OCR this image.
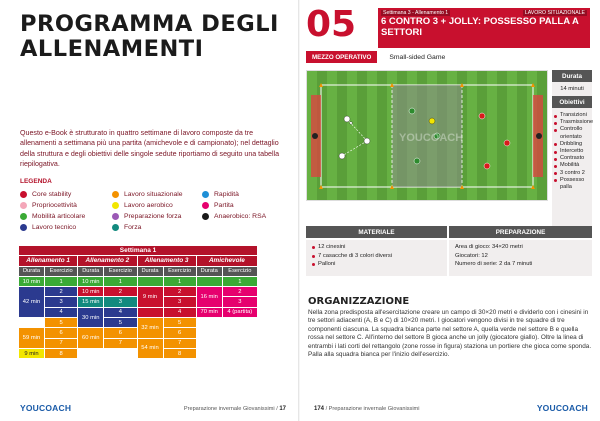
PROGRAMMA DEGLI ALLENAMENTI
Questo e-Book è strutturato in quattro settimane di lavoro composte da tre allenamenti a settimana più una partita (amichevole e di campionato); nel dettaglio della struttura e degli obiettivi delle singole sedute riportiamo di seguito una tabella riepilogativa.
LEGENDA
Core stability	Lavoro situazionale	Rapidità
Propriocettività	Lavoro aerobico	Partita
Mobilità articolare	Preparazione forza	Anaerobico: RSA
Lavoro tecnico	Forza
Settimana 1							
Allenamento 1		Allenamento 2		Allenamento 3		Amichevole	
Durata	Esercizio	Durata	Esercizio	Durata	Esercizio	Durata	Esercizio
10 min	1	10 min	1		1		1
42 min	2	10 min	2	9 min	2	16 min	2
	3	15 min	3		3		3
	4	30 min	4		4	70 min	4 (partita)
	5		5	32 min	5		
59 min	6	60 min	6		6		
	7		7	54 min	7		
9 min	8				8		
YOUCOACH	Preparazione invernale Giovanissimi / 17
05	Settimana 3 - Allenamento 1	LAVORO SITUAZIONALE
6 CONTRO 3 + JOLLY: POSSESSO PALLA A SETTORI
MEZZO OPERATIVO	Small-sided Game
YOUCOACH
Durata
14 minuti
Obiettivi
Transizioni
Trasmissione
Controllo orientato
Dribbling
Intercetto
Contrasto
Mobilità
3 contro 2
Possesso palla
MATERIALE	PREPARAZIONE
12 cinesini
7 casacche di 3 colori diversi
Palloni
Area di gioco: 34×20 metri
Giocatori: 12
Numero di serie: 2 da 7 minuti
ORGANIZZAZIONE
Nella zona predisposta all'esercitazione creare un campo di 30×20 metri e dividerlo con i cinesini in tre settori adiacenti (A, B e C) di 10×20 metri. I giocatori vengono divisi in tre squadre di tre componenti ciascuna. La squadra bianca parte nel settore A, quella verde nel settore B e quella rossa nel settore C. All'interno del settore B gioca anche un jolly (giocatore giallo). Oltre la linea di entrambi i lati corti del rettangolo (zone rosse in figura) staziona un portiere che gioca come sponda. Palla alla squadra bianca per l'inizio dell'esercizio.
174 / Preparazione invernale Giovanissimi	YOUCOACH
